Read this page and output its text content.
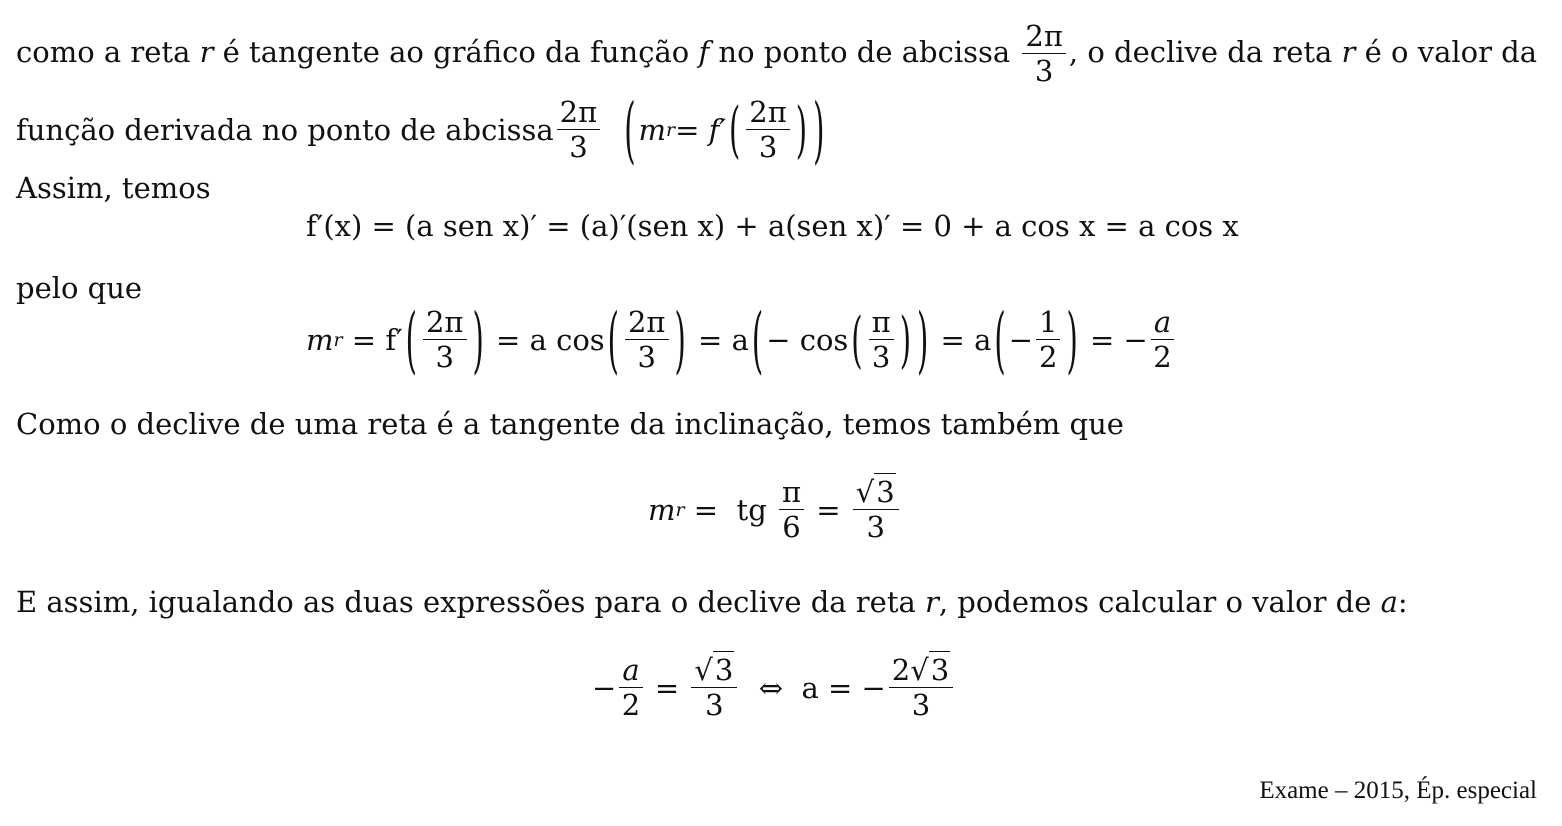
como a reta r é tangente ao gráfico da função f no ponto de abcissa $\frac{2\pi}{3}$ , o declive da reta r é o valor da
função derivada no ponto de abcissa $\frac{2\pi}{3}$ ( m r = f′ ( $\frac{2\pi}{3}$ ) )
Assim, temos
f′(x) = (a sen x)′ = (a)′(sen x) + a(sen x)′ = 0 + a cos x = a cos x
pelo que
m r = f′ ( $\frac{2\pi}{3}$ ) = a cos ( $\frac{2\pi}{3}$ ) = a ( − cos ( $\frac{\pi}{3}$ ) ) = a ( − $\frac{1}{2}$ ) = − $\frac{a}{2}$
Como o declive de uma reta é a tangente da inclinação, temos também que
m r =  tg $\frac{\pi}{6} = \frac{√3}{3}$
E assim, igualando as duas expressões para o declive da reta r, podemos calcular o valor de a:
− $\frac{a}{2} = \frac{√3}{3}$ ⇔  a = − $\frac{2√3}{3}$
Exame – 2015, Ép. especial
